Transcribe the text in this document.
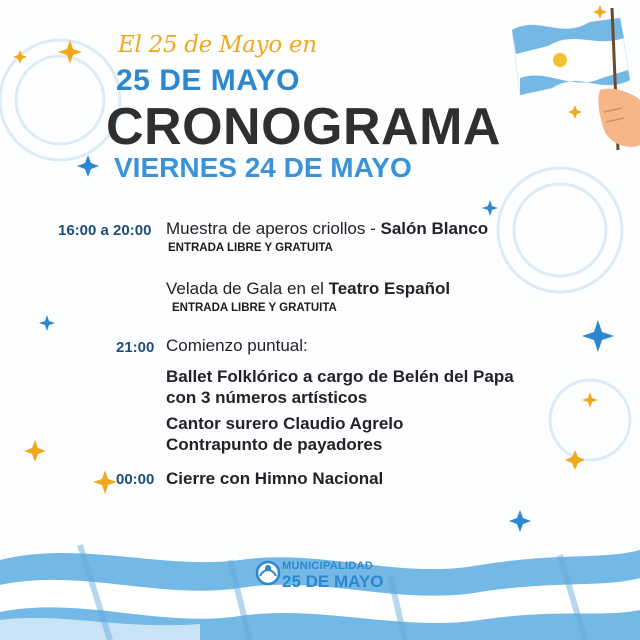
El 25 de Mayo en
25 DE MAYO
CRONOGRAMA
VIERNES 24 DE MAYO
16:00 a 20:00 Muestra de aperos criollos - Salón Blanco
ENTRADA LIBRE Y GRATUITA
Velada de Gala en el Teatro Español
ENTRADA LIBRE Y GRATUITA
21:00 Comienzo puntual:
Ballet Folklórico a cargo de Belén del Papa
con 3 números artísticos
Cantor surero Claudio Agrelo
Contrapunto de payadores
00:00 Cierre con Himno Nacional
MUNICIPALIDAD
25 DE MAYO
